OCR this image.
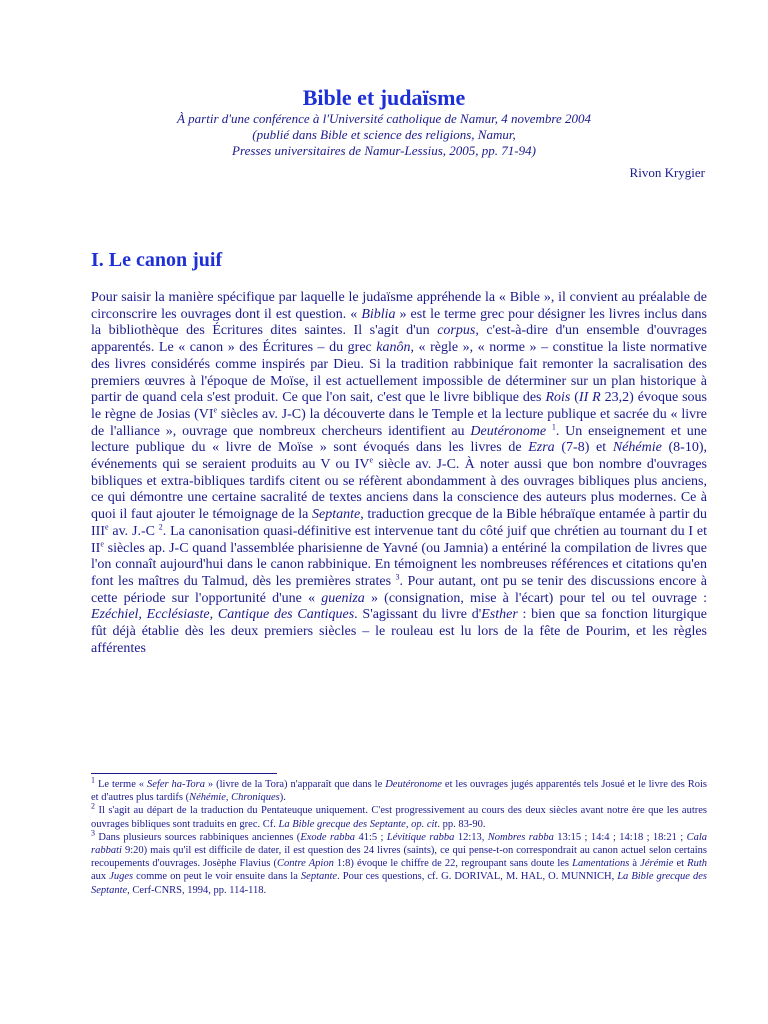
Bible et judaïsme
À partir d'une conférence à l'Université catholique de Namur, 4 novembre 2004
(publié dans Bible et science des religions, Namur,
Presses universitaires de Namur-Lessius, 2005, pp. 71-94)
Rivon Krygier
I. Le canon juif
Pour saisir la manière spécifique par laquelle le judaïsme appréhende la « Bible », il convient au préalable de circonscrire les ouvrages dont il est question. « Biblia » est le terme grec pour désigner les livres inclus dans la bibliothèque des Écritures dites saintes. Il s'agit d'un corpus, c'est-à-dire d'un ensemble d'ouvrages apparentés. Le « canon » des Écritures – du grec kanôn, « règle », « norme » – constitue la liste normative des livres considérés comme inspirés par Dieu. Si la tradition rabbinique fait remonter la sacralisation des premiers œuvres à l'époque de Moïse, il est actuellement impossible de déterminer sur un plan historique à partir de quand cela s'est produit. Ce que l'on sait, c'est que le livre biblique des Rois (II R 23,2) évoque sous le règne de Josias (VIe siècles av. J-C) la découverte dans le Temple et la lecture publique et sacrée du « livre de l'alliance », ouvrage que nombreux chercheurs identifient au Deutéronome $^1$. Un enseignement et une lecture publique du « livre de Moïse » sont évoqués dans les livres de Ezra (7-8) et Néhémie (8-10), événements qui se seraient produits au V ou IVe siècle av. J-C. À noter aussi que bon nombre d'ouvrages bibliques et extra-bibliques tardifs citent ou se réfèrent abondamment à des ouvrages bibliques plus anciens, ce qui démontre une certaine sacralité de textes anciens dans la conscience des auteurs plus modernes. Ce à quoi il faut ajouter le témoignage de la Septante, traduction grecque de la Bible hébraïque entamée à partir du IIIe av. J.-C $^2$. La canonisation quasi-définitive est intervenue tant du côté juif que chrétien au tournant du I et IIe siècles ap. J-C quand l'assemblée pharisienne de Yavné (ou Jamnia) a entériné la compilation de livres que l'on connaît aujourd'hui dans le canon rabbinique. En témoignent les nombreuses références et citations qu'en font les maîtres du Talmud, dès les premières strates $^3$. Pour autant, ont pu se tenir des discussions encore à cette période sur l'opportunité d'une « gueniza » (consignation, mise à l'écart) pour tel ou tel ouvrage : Ezéchiel, Ecclésiaste, Cantique des Cantiques. S'agissant du livre d'Esther : bien que sa fonction liturgique fût déjà établie dès les deux premiers siècles – le rouleau est lu lors de la fête de Pourim, et les règles afférentes

$^1$ Le terme « Sefer ha-Tora » (livre de la Tora) n'apparaît que dans le Deutéronome et les ouvrages jugés apparentés tels Josué et le livre des Rois et d'autres plus tardifs (Néhémie, Chroniques).

$^2$ Il s'agit au départ de la traduction du Pentateuque uniquement. C'est progressivement au cours des deux siècles avant notre ère que les autres ouvrages bibliques sont traduits en grec. Cf. La Bible grecque des Septante, op. cit. pp. 83-90.

$^3$ Dans plusieurs sources rabbiniques anciennes (Exode rabba 41:5 ; Lévitique rabba 12:13, Nombres rabba 13:15 ; 14:4 ; 14:18 ; 18:21 ; Cala rabbati 9:20) mais qu'il est difficile de dater, il est question des 24 livres (saints), ce qui pense-t-on correspondrait au canon actuel selon certains recoupements d'ouvrages. Josèphe Flavius (Contre Apion 1:8) évoque le chiffre de 22, regroupant sans doute les Lamentations à Jérémie et Ruth aux Juges comme on peut le voir ensuite dans la Septante. Pour ces questions, cf. G. DORIVAL, M. HAL, O. MUNNICH, La Bible grecque des Septante, Cerf-CNRS, 1994, pp. 114-118.
